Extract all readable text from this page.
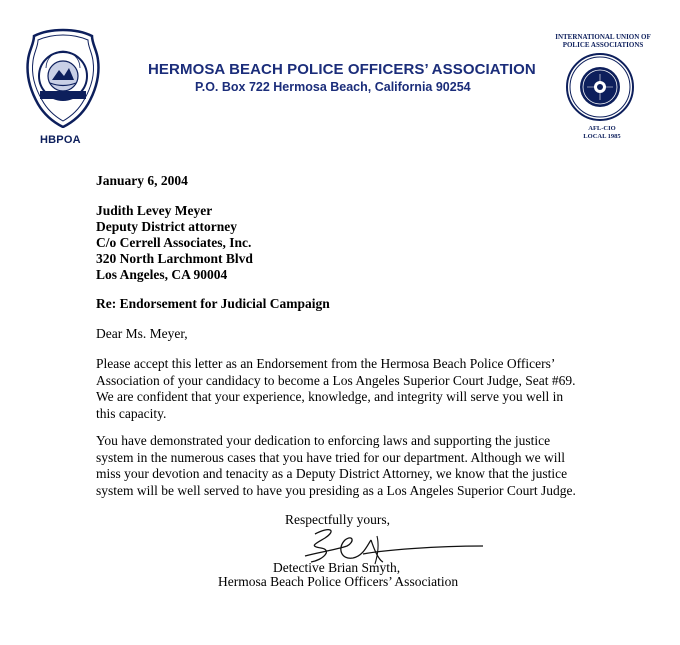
HBPOA
HERMOSA BEACH POLICE OFFICERS’ ASSOCIATION
P.O. Box 722 Hermosa Beach, California 90254
INTERNATIONAL UNION OF
POLICE ASSOCIATIONS
AFL-CIO
LOCAL 1985
January 6, 2004
Judith Levey Meyer
Deputy District attorney
C/o Cerrell Associates, Inc.
320 North Larchmont Blvd
Los Angeles, CA 90004
Re: Endorsement for Judicial Campaign
Dear Ms. Meyer,
Please accept this letter as an Endorsement from the Hermosa Beach Police Officers’
Association of your candidacy to become a Los Angeles Superior Court Judge, Seat #69.
We are confident that your experience, knowledge, and integrity will serve you well in
this capacity.
You have demonstrated your dedication to enforcing laws and supporting the justice
system in the numerous cases that you have tried for our department. Although we will
miss your devotion and tenacity as a Deputy District Attorney, we know that the justice
system will be well served to have you presiding as a Los Angeles Superior Court Judge.
Respectfully yours,
Detective Brian Smyth,
Hermosa Beach Police Officers’ Association
